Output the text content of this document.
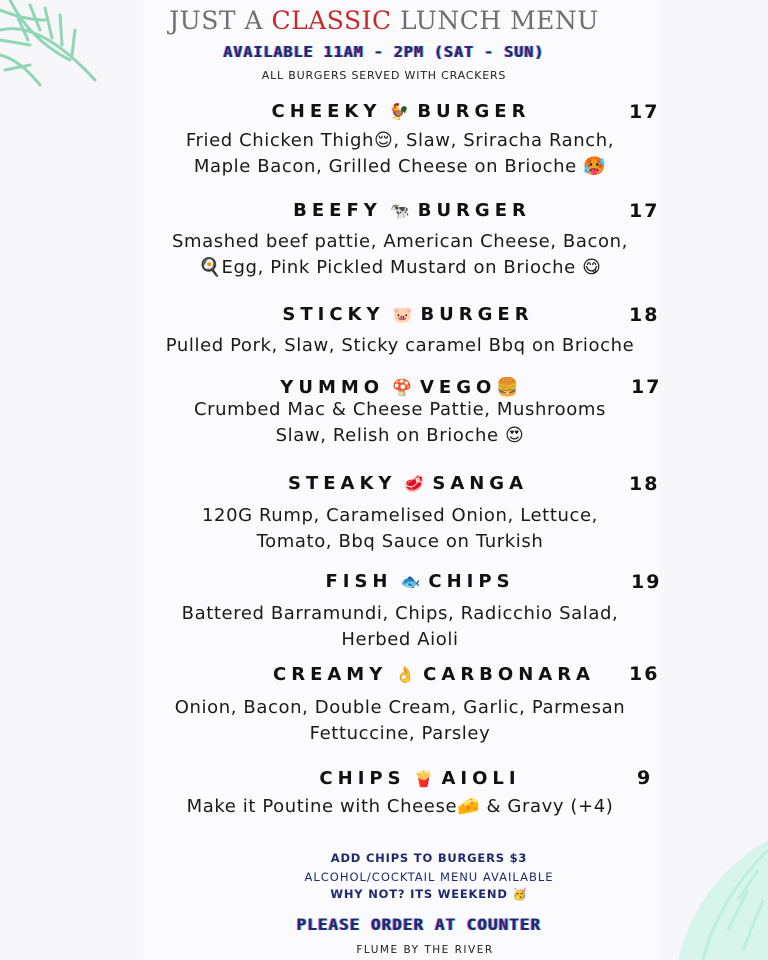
JUST A CLASSIC LUNCH MENU
AVAILABLE 11AM - 2PM (SAT - SUN)
ALL BURGERS SERVED WITH CRACKERS
CHEEKY 🐓 BURGER	17
Fried Chicken Thigh😌, Slaw, Sriracha Ranch,
Maple Bacon, Grilled Cheese on Brioche 🥵
BEEFY 🐄 BURGER	17
Smashed beef pattie, American Cheese, Bacon,
🍳Egg, Pink Pickled Mustard on Brioche 😋
STICKY 🐷 BURGER	18
Pulled Pork, Slaw, Sticky caramel Bbq on Brioche
YUMMO 🍄 VEGO🍔	17
Crumbed Mac & Cheese Pattie, Mushrooms
Slaw, Relish on Brioche 😍
STEAKY 🥩 SANGA	18
120G Rump, Caramelised Onion, Lettuce,
Tomato, Bbq Sauce on Turkish
FISH 🐟 CHIPS	19
Battered Barramundi, Chips, Radicchio Salad,
Herbed Aioli
CREAMY 👌 CARBONARA 16
Onion, Bacon, Double Cream, Garlic, Parmesan
Fettuccine, Parsley
CHIPS 🍟 AIOLI	9
Make it Poutine with Cheese🧀 & Gravy (+4)
ADD CHIPS TO BURGERS $3
ALCOHOL/COCKTAIL MENU AVAILABLE
WHY NOT? ITS WEEKEND 🥳
PLEASE ORDER AT COUNTER
FLUME BY THE RIVER
